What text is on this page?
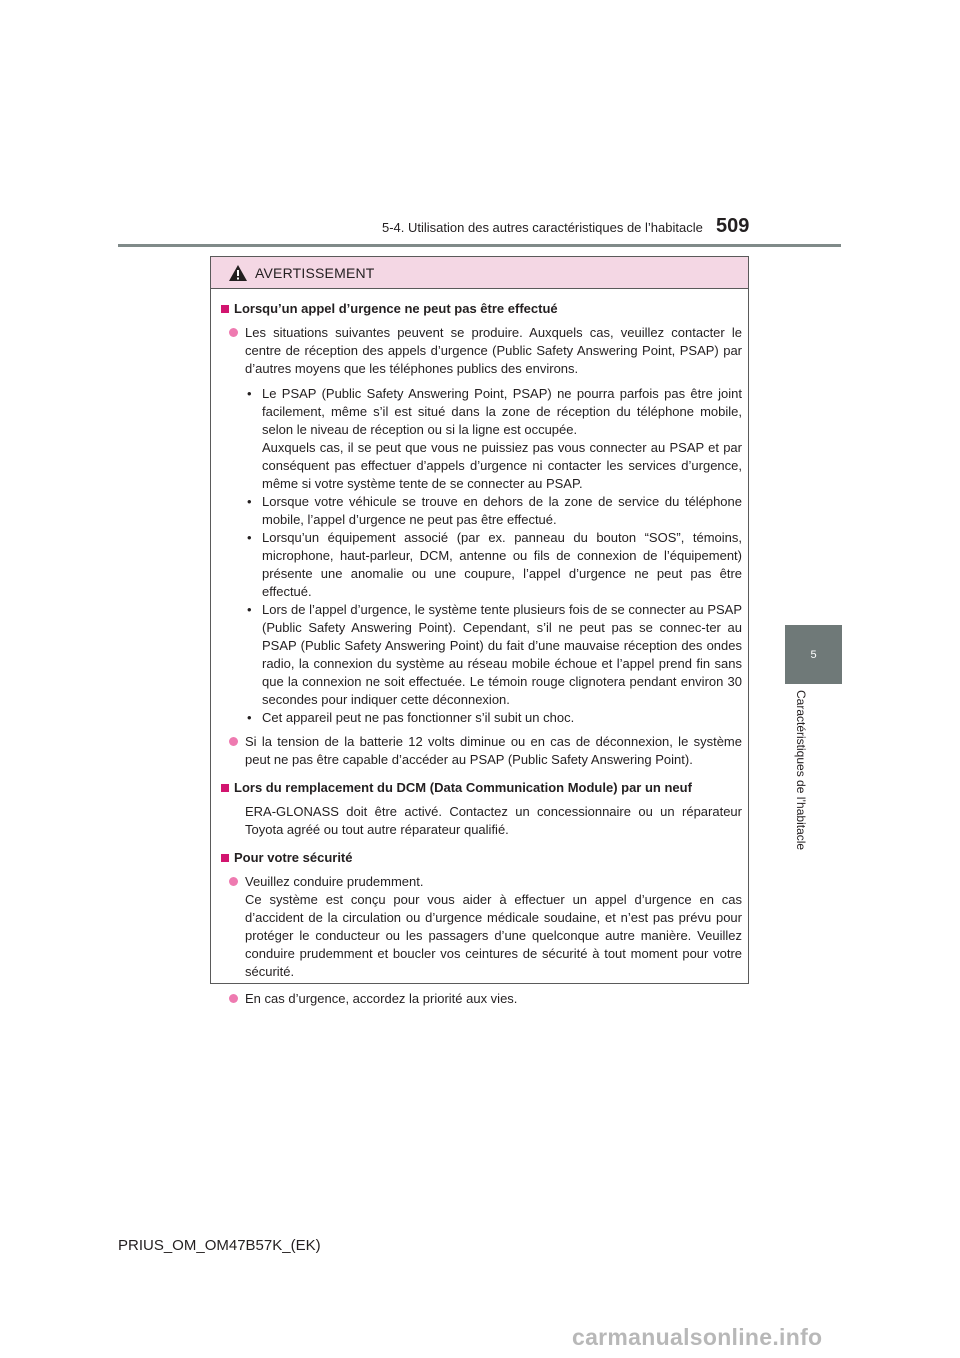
5-4. Utilisation des autres caractéristiques de l’habitacle 509
5
Caractéristiques de l’habitacle
AVERTISSEMENT
Lorsqu’un appel d’urgence ne peut pas être effectué
Les situations suivantes peuvent se produire. Auxquels cas, veuillez contacter le centre de réception des appels d’urgence (Public Safety Answering Point, PSAP) par d’autres moyens que les téléphones publics des environs.
• Le PSAP (Public Safety Answering Point, PSAP) ne pourra parfois pas être joint facilement, même s’il est situé dans la zone de réception du téléphone mobile, selon le niveau de réception ou si la ligne est occupée.
Auxquels cas, il se peut que vous ne puissiez pas vous connecter au PSAP et par conséquent pas effectuer d’appels d’urgence ni contacter les services d’urgence, même si votre système tente de se connecter au PSAP.
• Lorsque votre véhicule se trouve en dehors de la zone de service du téléphone mobile, l’appel d’urgence ne peut pas être effectué.
• Lorsqu’un équipement associé (par ex. panneau du bouton “SOS”, témoins, microphone, haut-parleur, DCM, antenne ou fils de connexion de l’équipement) présente une anomalie ou une coupure, l’appel d’urgence ne peut pas être effectué.
• Lors de l’appel d’urgence, le système tente plusieurs fois de se connecter au PSAP (Public Safety Answering Point). Cependant, s’il ne peut pas se connec-ter au PSAP (Public Safety Answering Point) du fait d’une mauvaise réception des ondes radio, la connexion du système au réseau mobile échoue et l’appel prend fin sans que la connexion ne soit effectuée. Le témoin rouge clignotera pendant environ 30 secondes pour indiquer cette déconnexion.
• Cet appareil peut ne pas fonctionner s’il subit un choc.
Si la tension de la batterie 12 volts diminue ou en cas de déconnexion, le système peut ne pas être capable d’accéder au PSAP (Public Safety Answering Point).
Lors du remplacement du DCM (Data Communication Module) par un neuf
ERA-GLONASS doit être activé. Contactez un concessionnaire ou un réparateur Toyota agréé ou tout autre réparateur qualifié.
Pour votre sécurité
Veuillez conduire prudemment.
Ce système est conçu pour vous aider à effectuer un appel d’urgence en cas d’accident de la circulation ou d’urgence médicale soudaine, et n’est pas prévu pour protéger le conducteur ou les passagers d’une quelconque autre manière. Veuillez conduire prudemment et boucler vos ceintures de sécurité à tout moment pour votre sécurité.
En cas d’urgence, accordez la priorité aux vies.
PRIUS_OM_OM47B57K_(EK)
carmanualsonline.info
